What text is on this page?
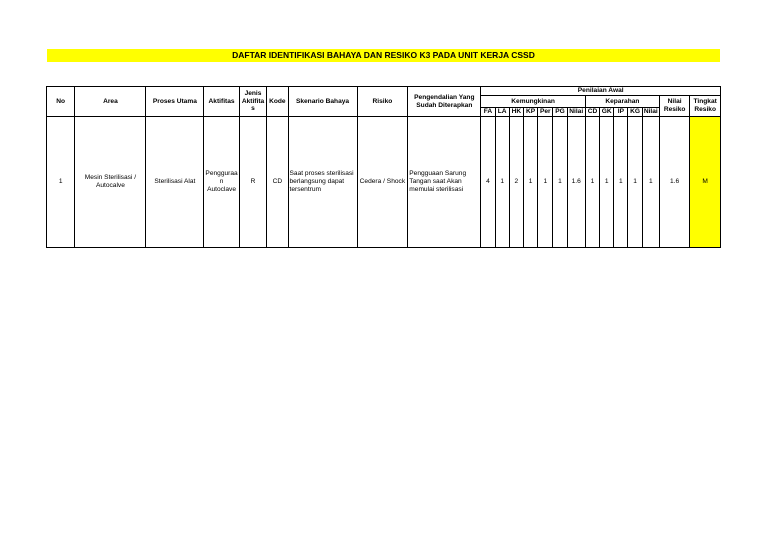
DAFTAR IDENTIFIKASI BAHAYA DAN RESIKO K3 PADA UNIT KERJA CSSD
No	Area	Proses Utama	Aktifitas	Jenis Aktifita s	Kode	Skenario Bahaya	Risiko	Pengendalian Yang Sudah Diterapkan	Penilaian Awal													
									Kemungkinan							Keparahan					Nilai Resiko	Tingkat Resiko
									FA	LA	HK	KP	Per	PG	Nilai	CD	GK	IP	KG	Nilai		
1	Mesin Sterilisasi / Autocalve	Sterilisasi Alat	Pengguraa n Autoclave	R	CD	Saat proses sterilisasi berlangsung dapat tersentrum	Cedera / Shock	Pengguaan Sarung Tangan saat Akan memulai sterilisasi	4	1	2	1	1	1	1.6	1	1	1	1	1	1.6	M
